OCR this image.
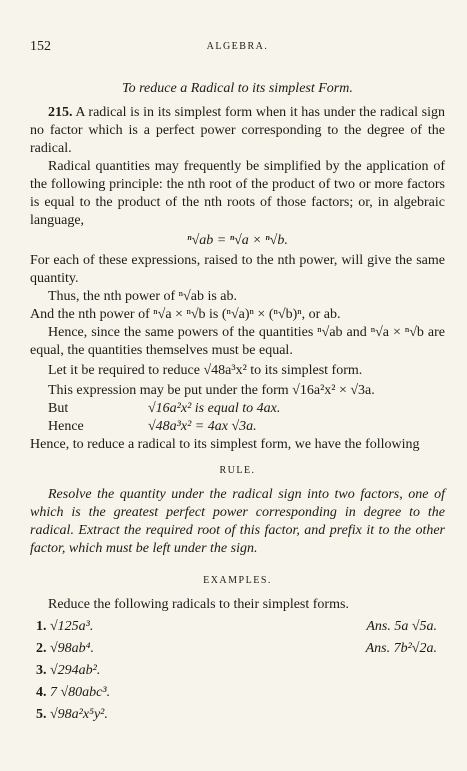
152	ALGEBRA.
To reduce a Radical to its simplest Form.

215. A radical is in its simplest form when it has under the radical sign no factor which is a perfect power corresponding to the degree of the radical.

Radical quantities may frequently be simplified by the application of the following principle: the nth root of the product of two or more factors is equal to the product of the nth roots of those factors; or, in algebraic language,

ⁿ√ab = ⁿ√a × ⁿ√b.

For each of these expressions, raised to the nth power, will give the same quantity.

Thus, the nth power of ⁿ√ab is ab.

And the nth power of ⁿ√a × ⁿ√b is (ⁿ√a)ⁿ × (ⁿ√b)ⁿ, or ab.

Hence, since the same powers of the quantities ⁿ√ab and ⁿ√a × ⁿ√b are equal, the quantities themselves must be equal.

Let it be required to reduce √48a³x² to its simplest form.

This expression may be put under the form √16a²x² × √3a.

But	√16a²x² is equal to 4ax.
Hence	√48a³x² = 4ax √3a.

Hence, to reduce a radical to its simplest form, we have the following

RULE.

Resolve the quantity under the radical sign into two factors, one of which is the greatest perfect power corresponding in degree to the radical. Extract the required root of this factor, and prefix it to the other factor, which must be left under the sign.

EXAMPLES.

Reduce the following radicals to their simplest forms.

1. √125a³.	Ans. 5a √5a.
2. √98ab⁴.	Ans. 7b²√2a.
3. √294ab².
4. 7 √80abc³.
5. √98a²x⁵y².
